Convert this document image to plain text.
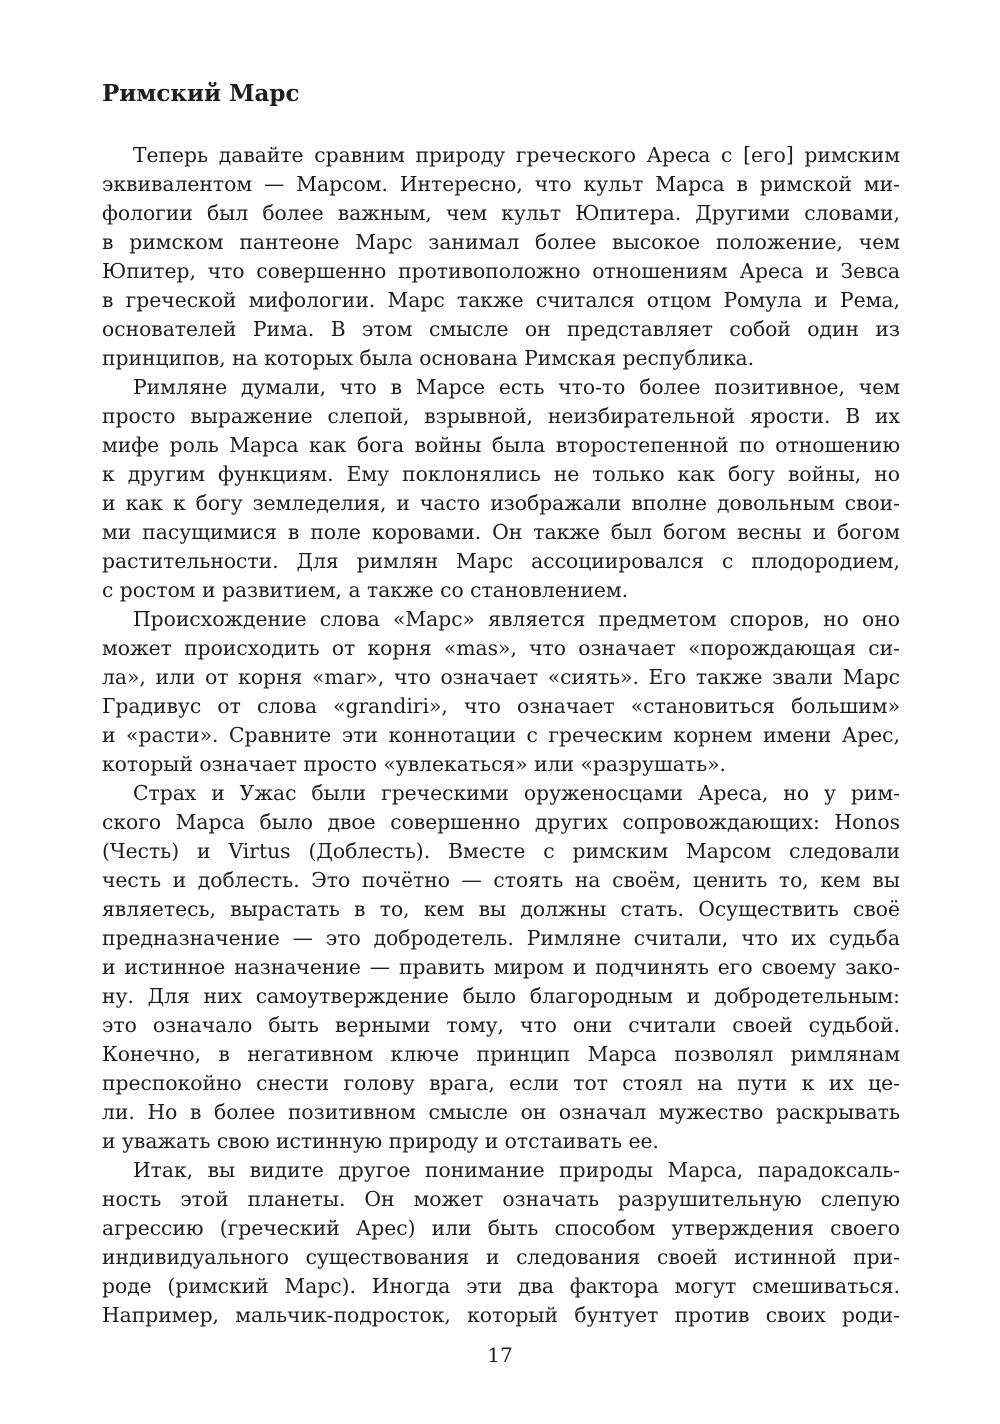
Римский Марс
Теперь давайте сравним природу греческого Ареса с [его] римским
эквивалентом — Марсом. Интересно, что культ Марса в римской ми-
фологии был более важным, чем культ Юпитера. Другими словами,
в римском пантеоне Марс занимал более высокое положение, чем
Юпитер, что совершенно противоположно отношениям Ареса и Зевса
в греческой мифологии. Марс также считался отцом Ромула и Рема,
основателей Рима. В этом смысле он представляет собой один из
принципов, на которых была основана Римская республика.
Римляне думали, что в Марсе есть что-то более позитивное, чем
просто выражение слепой, взрывной, неизбирательной ярости. В их
мифе роль Марса как бога войны была второстепенной по отношению
к другим функциям. Ему поклонялись не только как богу войны, но
и как к богу земледелия, и часто изображали вполне довольным свои-
ми пасущимися в поле коровами. Он также был богом весны и богом
растительности. Для римлян Марс ассоциировался с плодородием,
с ростом и развитием, а также со становлением.
Происхождение слова «Марс» является предметом споров, но оно
может происходить от корня «mas», что означает «порождающая си-
ла», или от корня «mar», что означает «сиять». Его также звали Марс
Градивус от слова «grandiri», что означает «становиться большим»
и «расти». Сравните эти коннотации с греческим корнем имени Арес,
который означает просто «увлекаться» или «разрушать».
Страх и Ужас были греческими оруженосцами Ареса, но у рим-
ского Марса было двое совершенно других сопровождающих: Honos
(Честь) и Virtus (Доблесть). Вместе с римским Марсом следовали
честь и доблесть. Это почётно — стоять на своём, ценить то, кем вы
являетесь, вырастать в то, кем вы должны стать. Осуществить своё
предназначение — это добродетель. Римляне считали, что их судьба
и истинное назначение — править миром и подчинять его своему зако-
ну. Для них самоутверждение было благородным и добродетельным:
это означало быть верными тому, что они считали своей судьбой.
Конечно, в негативном ключе принцип Марса позволял римлянам
преспокойно снести голову врага, если тот стоял на пути к их це-
ли. Но в более позитивном смысле он означал мужество раскрывать
и уважать свою истинную природу и отстаивать ее.
Итак, вы видите другое понимание природы Марса, парадоксаль-
ность этой планеты. Он может означать разрушительную слепую
агрессию (греческий Арес) или быть способом утверждения своего
индивидуального существования и следования своей истинной при-
роде (римский Марс). Иногда эти два фактора могут смешиваться.
Например, мальчик-подросток, который бунтует против своих роди-
17
